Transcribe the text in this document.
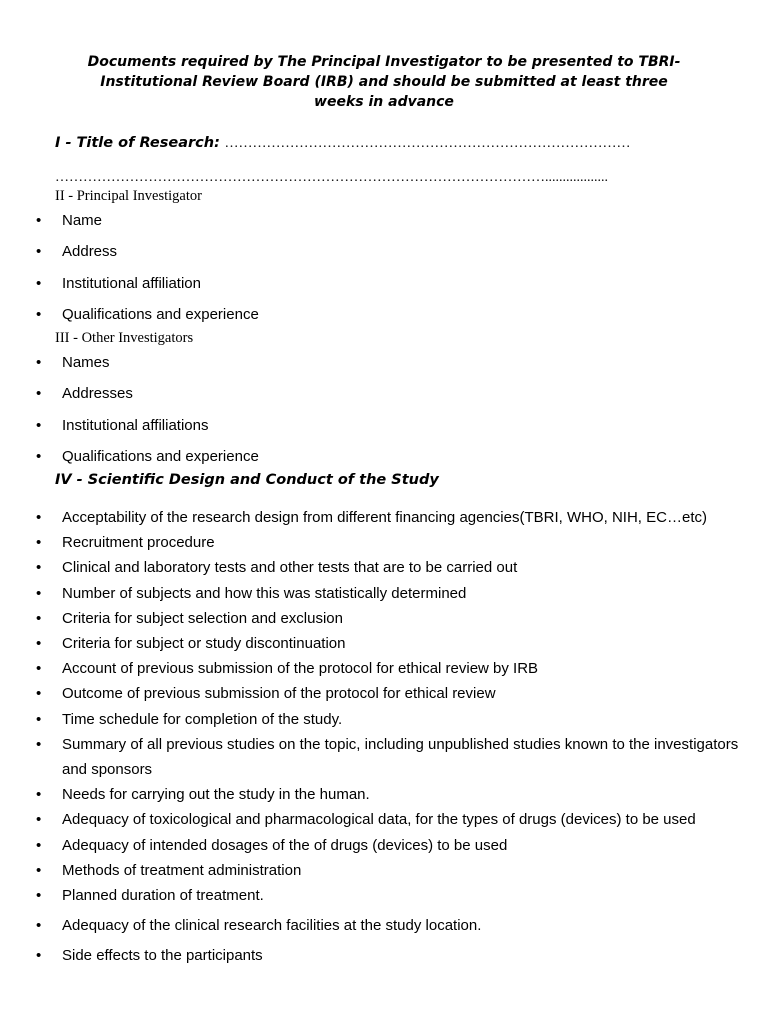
Documents required by The Principal Investigator to be presented to TBRI-
Institutional Review Board (IRB) and should be submitted at least three
weeks in advance
I - Title of Research: ……………………………………………………………………………
……………………………………………………………………………………………..................
II - Principal Investigator
• Name
• Address
• Institutional affiliation
• Qualifications and experience
III - Other Investigators
• Names
• Addresses
• Institutional affiliations
• Qualifications and experience
IV - Scientific Design and Conduct of the Study
• Acceptability of the research design from different financing agencies(TBRI, WHO, NIH, EC…etc)
• Recruitment procedure
• Clinical and laboratory tests and other tests that are to be carried out
• Number of subjects and how this was statistically determined
• Criteria for subject selection and exclusion
• Criteria for subject or study discontinuation
• Account of previous submission of the protocol for ethical review by IRB
• Outcome of previous submission of the protocol for ethical review
• Time schedule for completion of the study.
• Summary of all previous studies on the topic, including unpublished studies known to the investigators and sponsors
• Needs for carrying out the study in the human.
• Adequacy of toxicological and pharmacological data, for the types of drugs (devices) to be used
• Adequacy of intended dosages of the of drugs (devices) to be used
• Methods of treatment administration
• Planned duration of treatment.
• Adequacy of the clinical research facilities at the study location.
• Side effects to the participants
